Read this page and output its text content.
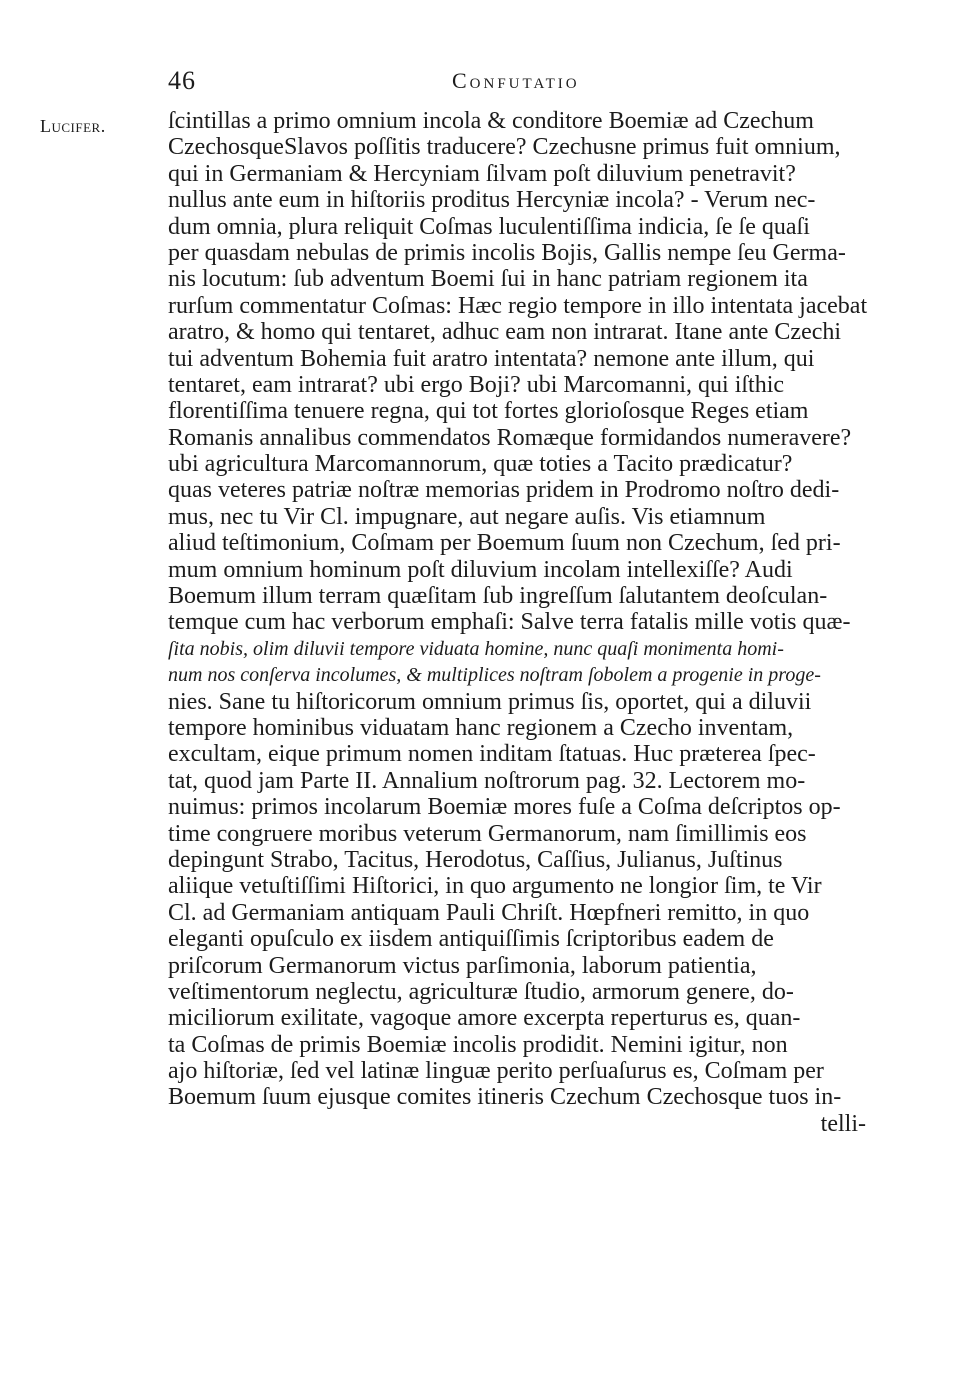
46	Confutatio
Lucifer.	ſcintillas a primo omnium incola & conditore Boemiæ ad Czechum
CzechosqueSlavos poſſitis traducere? Czechusne primus fuit omnium,
qui in Germaniam & Hercyniam ſilvam poſt diluvium penetravit?
nullus ante eum in hiſtoriis proditus Hercyniæ incola? - Verum nec-
dum omnia, plura reliquit Coſmas luculentiſſima indicia, ſe ſe quaſi
per quasdam nebulas de primis incolis Bojis, Gallis nempe ſeu Germa-
nis locutum: ſub adventum Boemi ſui in hanc patriam regionem ita
rurſum commentatur Coſmas: Hæc regio tempore in illo intentata jacebat
aratro, & homo qui tentaret, adhuc eam non intrarat. Itane ante Czechi
tui adventum Bohemia fuit aratro intentata? nemone ante illum, qui
tentaret, eam intrarat? ubi ergo Boji? ubi Marcomanni, qui iſthic
florentiſſima tenuere regna, qui tot fortes glorioſosque Reges etiam
Romanis annalibus commendatos Romæque formidandos numeravere?
ubi agricultura Marcomannorum, quæ toties a Tacito prædicatur?
quas veteres patriæ noſtræ memorias pridem in Prodromo noſtro dedi-
mus, nec tu Vir Cl. impugnare, aut negare auſis. Vis etiamnum
aliud teſtimonium, Coſmam per Boemum ſuum non Czechum, ſed pri-
mum omnium hominum poſt diluvium incolam intellexiſſe? Audi
Boemum illum terram quæſitam ſub ingreſſum ſalutantem deoſculan-
temque cum hac verborum emphaſi: Salve terra fatalis mille votis quæ-
ſita nobis, olim diluvii tempore viduata homine, nunc quaſi monimenta homi-
num nos conſerva incolumes, & multiplices noſtram ſobolem a progenie in proge-
nies. Sane tu hiſtoricorum omnium primus ſis, oportet, qui a diluvii
tempore hominibus viduatam hanc regionem a Czecho inventam,
excultam, eique primum nomen inditam ſtatuas. Huc præterea ſpec-
tat, quod jam Parte II. Annalium noſtrorum pag. 32. Lectorem mo-
nuimus: primos incolarum Boemiæ mores fuſe a Coſma deſcriptos op-
time congruere moribus veterum Germanorum, nam ſimillimis eos
depingunt Strabo, Tacitus, Herodotus, Caſſius, Julianus, Juſtinus
aliique vetuſtiſſimi Hiſtorici, in quo argumento ne longior ſim, te Vir
Cl. ad Germaniam antiquam Pauli Chriſt. Hœpfneri remitto, in quo
eleganti opuſculo ex iisdem antiquiſſimis ſcriptoribus eadem de
priſcorum Germanorum victus parſimonia, laborum patientia,
veſtimentorum neglectu, agriculturæ ſtudio, armorum genere, do-
miciliorum exilitate, vagoque amore excerpta reperturus es, quan-
ta Coſmas de primis Boemiæ incolis prodidit. Nemini igitur, non
ajo hiſtoriæ, ſed vel latinæ linguæ perito perſuaſurus es, Coſmam per
Boemum ſuum ejusque comites itineris Czechum Czechosque tuos in-
telli-
